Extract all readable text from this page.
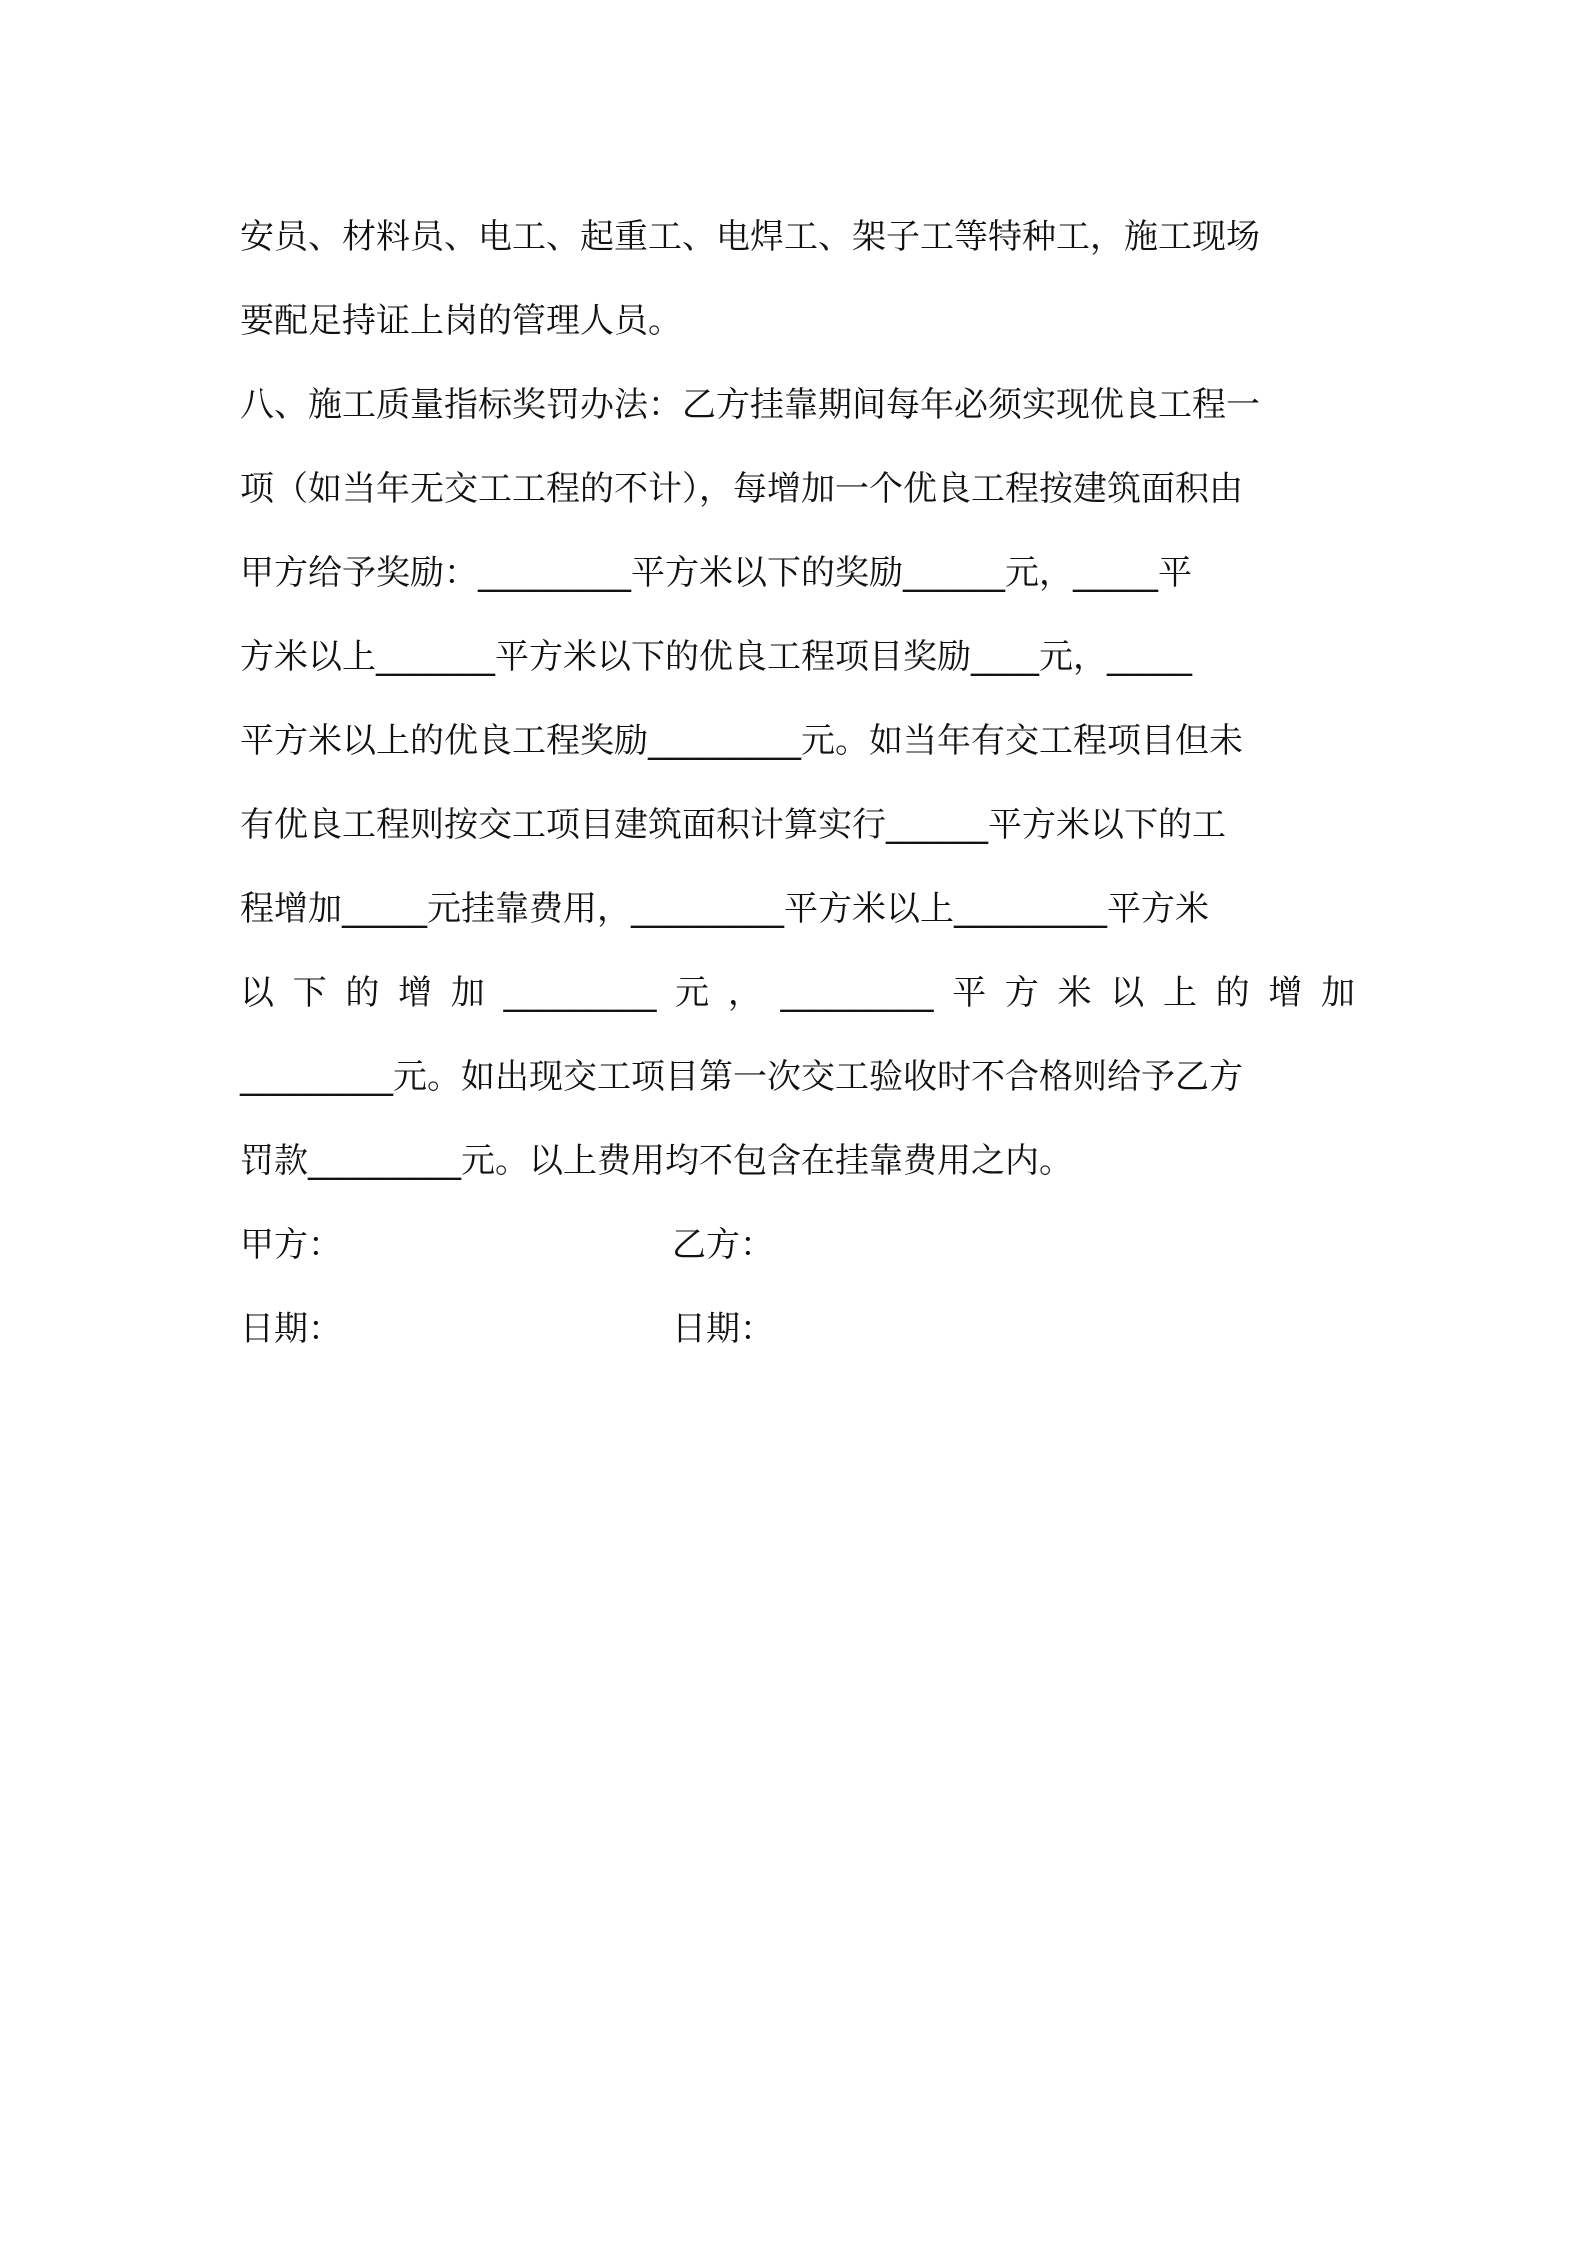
安员、材料员、电工、起重工、电焊工、架子工等特种工，施工现场
要配足持证上岗的管理人员。
八、施工质量指标奖罚办法：乙方挂靠期间每年必须实现优良工程一
项（如当年无交工工程的不计），每增加一个优良工程按建筑面积由
甲方给予奖励：_________平方米以下的奖励______元，_____平
方米以上_______平方米以下的优良工程项目奖励____元，_____
平方米以上的优良工程奖励_________元。如当年有交工程项目但未
有优良工程则按交工项目建筑面积计算实行______平方米以下的工
程增加_____元挂靠费用，_________平方米以上_________平方米
以 下 的 增 加 _________ 元 ， _________ 平 方 米 以 上 的 增 加
_________元。如出现交工项目第一次交工验收时不合格则给予乙方
罚款_________元。以上费用均不包含在挂靠费用之内。
甲方：	乙方：
日期：	日期：
